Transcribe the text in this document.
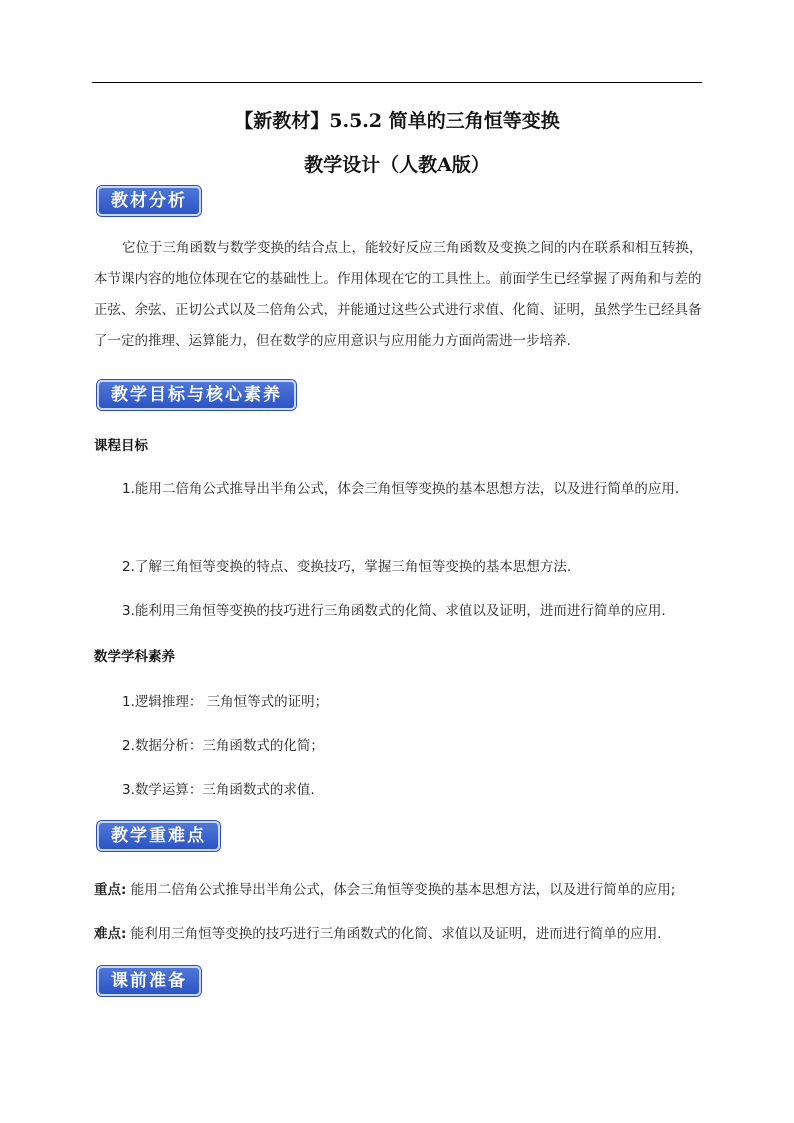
【新教材】5.5.2 简单的三角恒等变换
教学设计（人教A版）
教材分析
它位于三角函数与数学变换的结合点上，能较好反应三角函数及变换之间的内在联系和相互转换，本节课内容的地位体现在它的基础性上。作用体现在它的工具性上。前面学生已经掌握了两角和与差的正弦、余弦、正切公式以及二倍角公式，并能通过这些公式进行求值、化简、证明，虽然学生已经具备了一定的推理、运算能力，但在数学的应用意识与应用能力方面尚需进一步培养.
教学目标与核心素养
课程目标
1.能用二倍角公式推导出半角公式，体会三角恒等变换的基本思想方法，以及进行简单的应用.
2.了解三角恒等变换的特点、变换技巧，掌握三角恒等变换的基本思想方法.
3.能利用三角恒等变换的技巧进行三角函数式的化简、求值以及证明，进而进行简单的应用.
数学学科素养
1.逻辑推理： 三角恒等式的证明；
2.数据分析：三角函数式的化简；
3.数学运算：三角函数式的求值.
教学重难点
重点: 能用二倍角公式推导出半角公式，体会三角恒等变换的基本思想方法，以及进行简单的应用;
难点: 能利用三角恒等变换的技巧进行三角函数式的化简、求值以及证明，进而进行简单的应用.
课前准备
